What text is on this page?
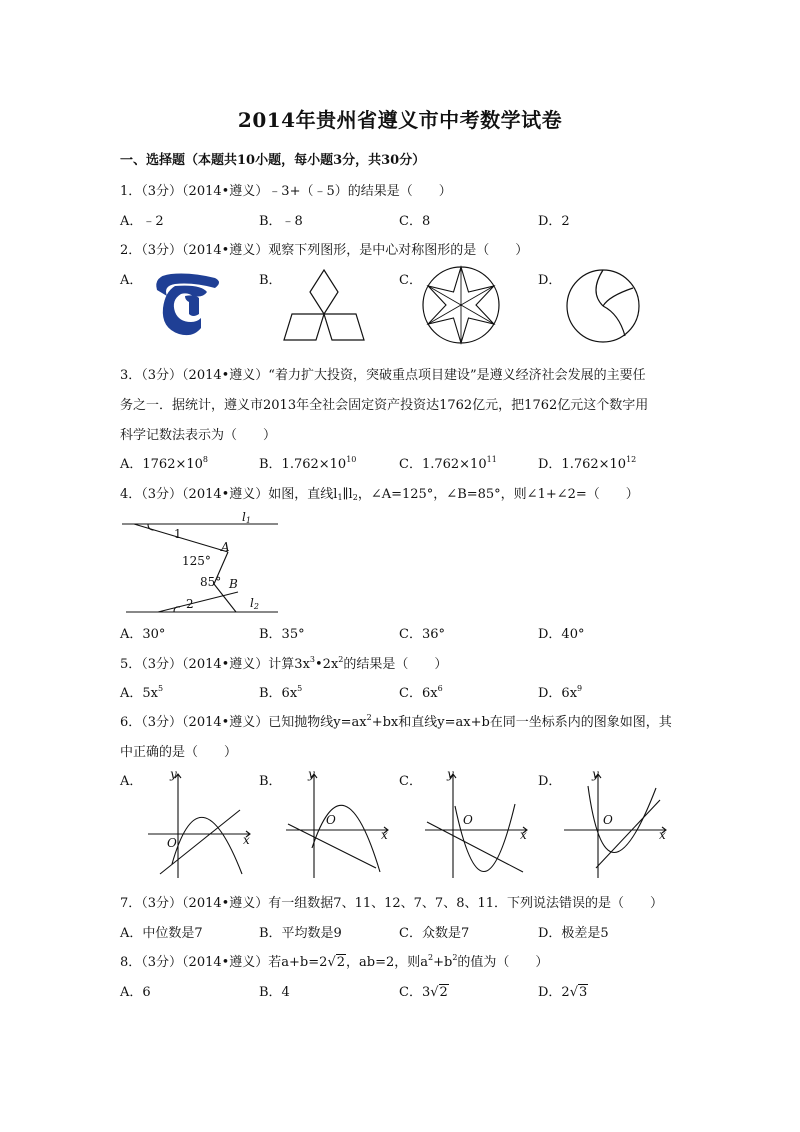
2014年贵州省遵义市中考数学试卷
一、选择题（本题共10小题，每小题3分，共30分）
1．（3分）（2014•遵义）﹣3+（﹣5）的结果是（　　）
A．﹣2	B．﹣8	C．8	D．2
2．（3分）（2014•遵义）观察下列图形，是中心对称图形的是（　　）
A．	B．	C．	D．
3．（3分）（2014•遵义）“着力扩大投资，突破重点项目建设”是遵义经济社会发展的主要任
务之一．据统计，遵义市2013年全社会固定资产投资达1762亿元，把1762亿元这个数字用
科学记数法表示为（　　）
A．$1762\times 10^8$	B．$1.762\times 10^{10}$	C．$1.762\times 10^{11}$	D．$1.762\times 10^{12}$
4．（3分）（2014•遵义）如图，直线$l_1\parallel l_2$，∠A=125°，∠B=85°，则∠1+∠2=（　　）
1
2
A
B
125°
85°
$l_1$
$l_2$
A．30°	B．35°	C．36°	D．40°
5．（3分）（2014•遵义）计算$3x^3•2x^2$的结果是（　　）
A．$5x^5$	B．$6x^5$	C．$6x^6$	D．$6x^9$
6．（3分）（2014•遵义）已知抛物线$y=ax^2+bx$和直线y=ax+b在同一坐标系内的图象如图，其
中正确的是（　　）
A．	B．	C．	D．
y
x
O
y
x
O
y
x
O
y
x
O
7．（3分）（2014•遵义）有一组数据7、11、12、7、7、8、11．下列说法错误的是（　　）
A．中位数是7	B．平均数是9	C．众数是7	D．极差是5
8．（3分）（2014•遵义）若a+b=2√2，ab=2，则$a^2+b^2$的值为（　　）
A．6	B．4	C．3√2	D．2√3
